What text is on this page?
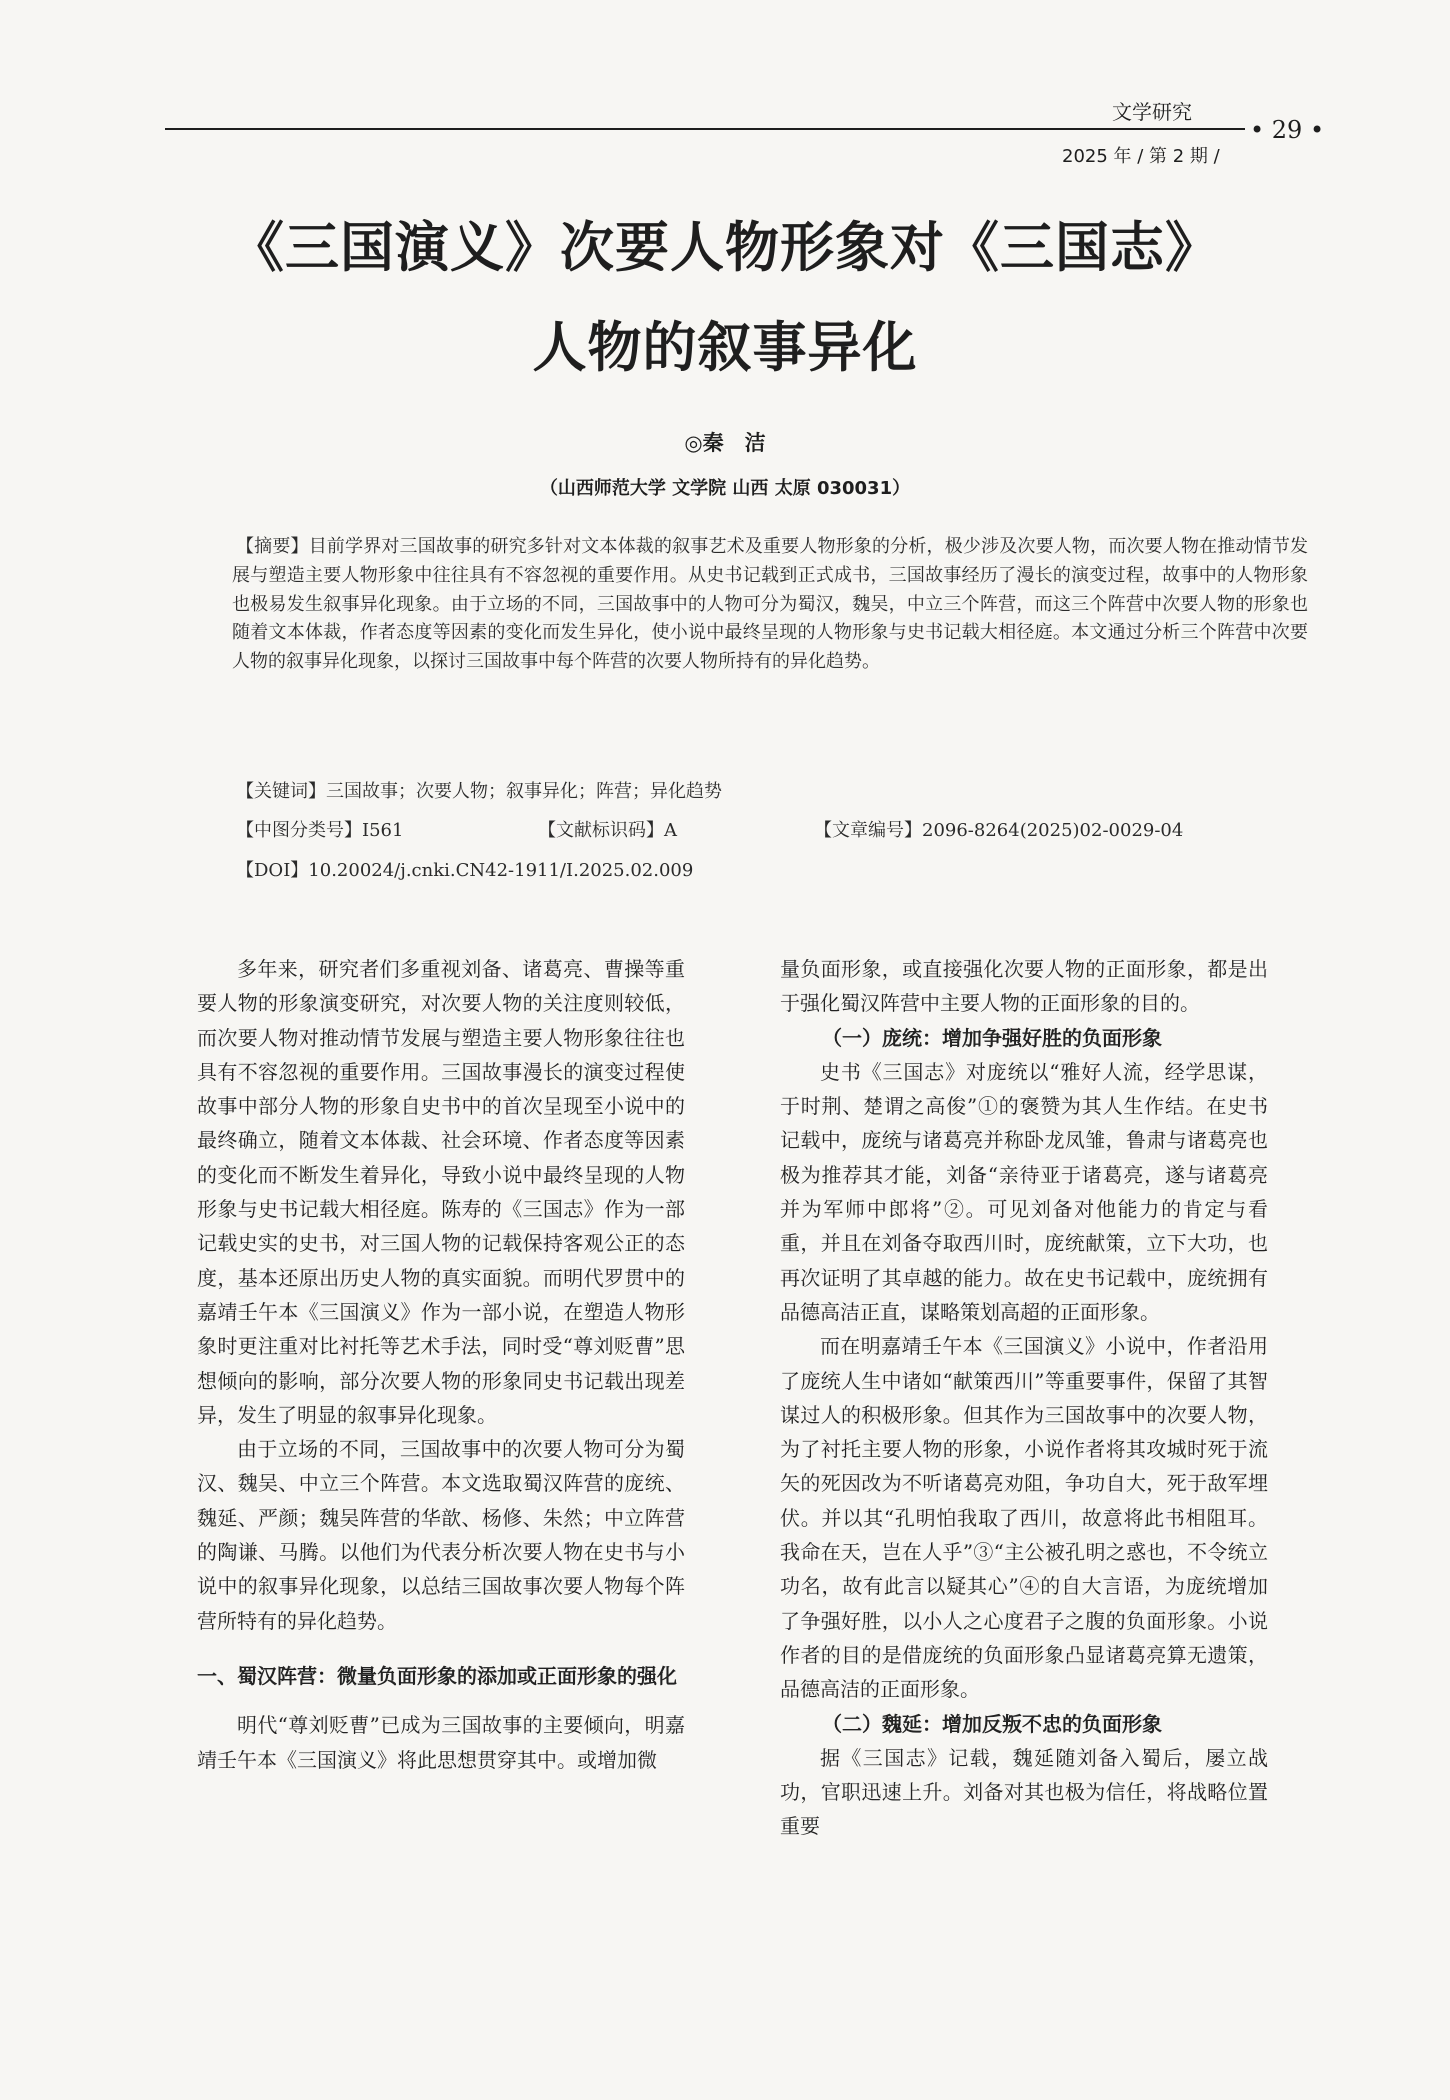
文学研究
• 29 •
2025 年 / 第 2 期 /
《三国演义》次要人物形象对《三国志》
人物的叙事异化
◎秦　洁
（山西师范大学 文学院 山西 太原 030031）
【摘要】目前学界对三国故事的研究多针对文本体裁的叙事艺术及重要人物形象的分析，极少涉及次要人物，而次要人物在推动情节发展与塑造主要人物形象中往往具有不容忽视的重要作用。从史书记载到正式成书，三国故事经历了漫长的演变过程，故事中的人物形象也极易发生叙事异化现象。由于立场的不同，三国故事中的人物可分为蜀汉，魏吴，中立三个阵营，而这三个阵营中次要人物的形象也随着文本体裁，作者态度等因素的变化而发生异化，使小说中最终呈现的人物形象与史书记载大相径庭。本文通过分析三个阵营中次要人物的叙事异化现象，以探讨三国故事中每个阵营的次要人物所持有的异化趋势。
【关键词】三国故事；次要人物；叙事异化；阵营；异化趋势
【中图分类号】I561	【文献标识码】A	【文章编号】2096-8264(2025)02-0029-04
【DOI】10.20024/j.cnki.CN42-1911/I.2025.02.009

多年来，研究者们多重视刘备、诸葛亮、曹操等重要人物的形象演变研究，对次要人物的关注度则较低，而次要人物对推动情节发展与塑造主要人物形象往往也具有不容忽视的重要作用。三国故事漫长的演变过程使故事中部分人物的形象自史书中的首次呈现至小说中的最终确立，随着文本体裁、社会环境、作者态度等因素的变化而不断发生着异化，导致小说中最终呈现的人物形象与史书记载大相径庭。陈寿的《三国志》作为一部记载史实的史书，对三国人物的记载保持客观公正的态度，基本还原出历史人物的真实面貌。而明代罗贯中的嘉靖壬午本《三国演义》作为一部小说，在塑造人物形象时更注重对比衬托等艺术手法，同时受“尊刘贬曹”思想倾向的影响，部分次要人物的形象同史书记载出现差异，发生了明显的叙事异化现象。

由于立场的不同，三国故事中的次要人物可分为蜀汉、魏吴、中立三个阵营。本文选取蜀汉阵营的庞统、魏延、严颜；魏吴阵营的华歆、杨修、朱然；中立阵营的陶谦、马腾。以他们为代表分析次要人物在史书与小说中的叙事异化现象，以总结三国故事次要人物每个阵营所特有的异化趋势。

一、蜀汉阵营：微量负面形象的添加或正面形象的强化

明代“尊刘贬曹”已成为三国故事的主要倾向，明嘉靖壬午本《三国演义》将此思想贯穿其中。或增加微

量负面形象，或直接强化次要人物的正面形象，都是出于强化蜀汉阵营中主要人物的正面形象的目的。

（一）庞统：增加争强好胜的负面形象

史书《三国志》对庞统以“雅好人流，经学思谋，于时荆、楚谓之高俊”①的褒赞为其人生作结。在史书记载中，庞统与诸葛亮并称卧龙凤雏，鲁肃与诸葛亮也极为推荐其才能，刘备“亲待亚于诸葛亮，遂与诸葛亮并为军师中郎将”②。可见刘备对他能力的肯定与看重，并且在刘备夺取西川时，庞统献策，立下大功，也再次证明了其卓越的能力。故在史书记载中，庞统拥有品德高洁正直，谋略策划高超的正面形象。

而在明嘉靖壬午本《三国演义》小说中，作者沿用了庞统人生中诸如“献策西川”等重要事件，保留了其智谋过人的积极形象。但其作为三国故事中的次要人物，为了衬托主要人物的形象，小说作者将其攻城时死于流矢的死因改为不听诸葛亮劝阻，争功自大，死于敌军埋伏。并以其“孔明怕我取了西川，故意将此书相阻耳。我命在天，岂在人乎”③“主公被孔明之惑也，不令统立功名，故有此言以疑其心”④的自大言语，为庞统增加了争强好胜，以小人之心度君子之腹的负面形象。小说作者的目的是借庞统的负面形象凸显诸葛亮算无遗策，品德高洁的正面形象。

（二）魏延：增加反叛不忠的负面形象

据《三国志》记载，魏延随刘备入蜀后，屡立战功，官职迅速上升。刘备对其也极为信任，将战略位置重要
